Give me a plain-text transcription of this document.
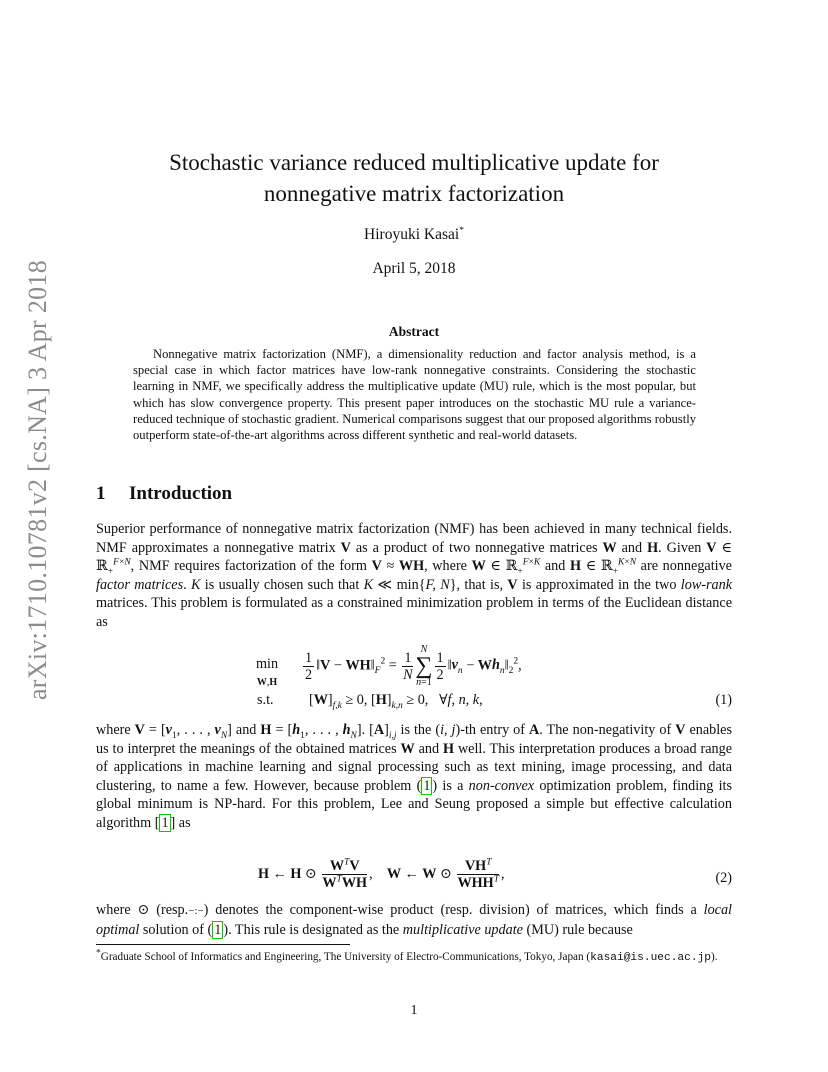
arXiv:1710.10781v2 [cs.NA] 3 Apr 2018
Stochastic variance reduced multiplicative update for
nonnegative matrix factorization
Hiroyuki Kasai*
April 5, 2018
Abstract
Nonnegative matrix factorization (NMF), a dimensionality reduction and factor analysis method, is a special case in which factor matrices have low-rank nonnegative constraints. Considering the stochastic learning in NMF, we specifically address the multiplicative update (MU) rule, which is the most popular, but which has slow convergence property. This present paper introduces on the stochastic MU rule a variance-reduced technique of stochastic gradient. Numerical comparisons suggest that our proposed algorithms robustly outperform state-of-the-art algorithms across different synthetic and real-world datasets.
1 Introduction
Superior performance of nonnegative matrix factorization (NMF) has been achieved in many technical fields. NMF approximates a nonnegative matrix V as a product of two nonnegative matrices W and H. Given V ∈ ℝ$_+^{F\times N}$, NMF requires factorization of the form V ≈ WH, where W ∈ ℝ$_+^{F\times K}$ and H ∈ ℝ$_+^{K\times N}$ are nonnegative factor matrices. K is usually chosen such that K ≪ min{F, N}, that is, V is approximated in the two low-rank matrices. This problem is formulated as a constrained minimization problem in terms of the Euclidean distance as
min
$W,H \frac{1}{2}$ ‖V − $WH‖_F^2 = \frac{1}{N}$ N
∑
$n=1 \frac{1}{2}$ $‖v_n$ − $Wh_n‖_2^2$,
s.t. $[W]_{f,k} \ge 0$, $[H]_{k,n} \ge 0$,   ∀f, n, k,	(1)
where $V = [v_1$, . . . , $v_N$] and $H = [h_1$, . . . , $h_N$]. $[A]_{i,j}$ is the (i, j)-th entry of A. The non-negativity of V enables us to interpret the meanings of the obtained matrices W and H well. This interpretation produces a broad range of applications in machine learning and signal processing such as text mining, image processing, and data clustering, to name a few. However, because problem ( 1 ) is a non-convex optimization problem, finding its global minimum is NP-hard. For this problem, Lee and Seung proposed a simple but effective calculation algorithm [ 1 ] as
H ← H ⊙ $\frac{W^TV}{W^TWH}$ ,    W ← W ⊙ $\frac{VH^T}{WHH^T}$ ,	(2)
where ⊙ (resp.−:−) denotes the component-wise product (resp. division) of matrices, which finds a local optimal solution of ( 1 ). This rule is designated as the multiplicative update (MU) rule because
*Graduate School of Informatics and Engineering, The University of Electro-Communications, Tokyo, Japan (kasai@is.uec.ac.jp).
1
